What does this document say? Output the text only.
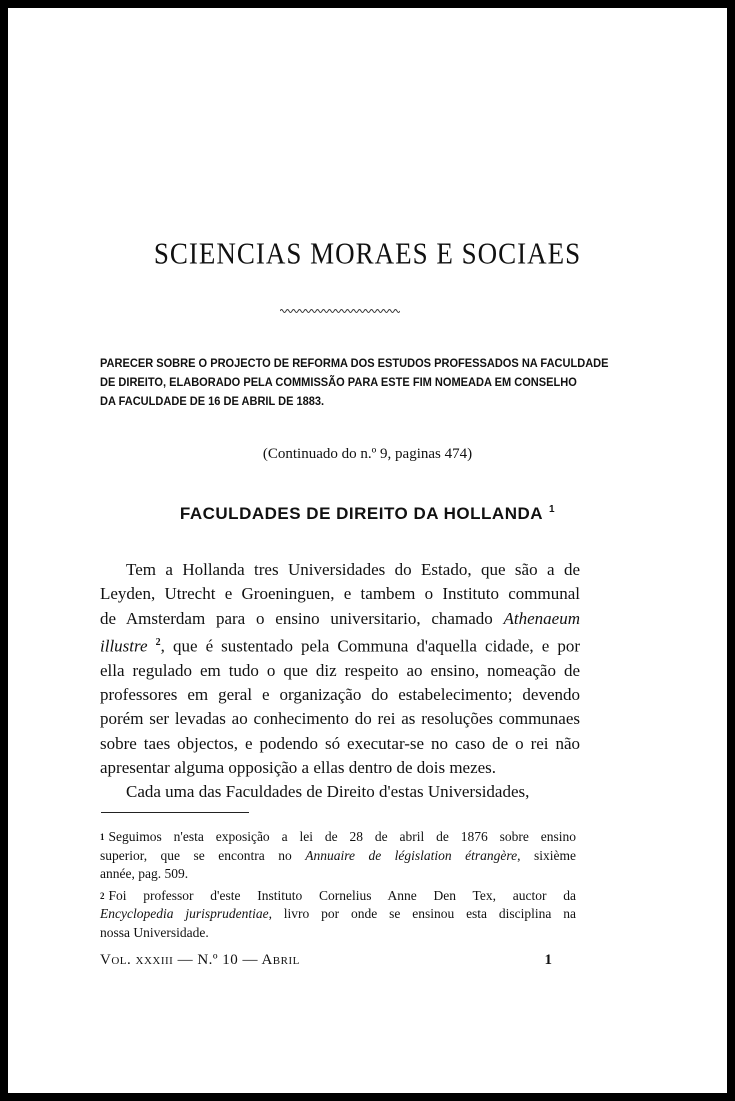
SCIENCIAS MORAES E SOCIAES
PARECER SOBRE O PROJECTO DE REFORMA DOS ESTUDOS PROFESSADOS NA FACULDADE
DE DIREITO, ELABORADO PELA COMMISSÃO PARA ESTE FIM NOMEADA EM CONSELHO
DA FACULDADE DE 16 DE ABRIL DE 1883.
(Continuado do n.º 9, paginas 474)
FACULDADES DE DIREITO DA HOLLANDA $^1$
Tem a Hollanda tres Universidades do Estado, que são a de
Leyden, Utrecht e Groeninguen, e tambem o Instituto communal
de Amsterdam para o ensino universitario, chamado Athenaeum
illustre $^2$, que é sustentado pela Communa d'aquella cidade, e por
ella regulado em tudo o que diz respeito ao ensino, nomeação de
professores em geral e organização do estabelecimento; devendo
porém ser levadas ao conhecimento do rei as resoluções communaes
sobre taes objectos, e podendo só executar-se no caso de o rei não
apresentar alguma opposição a ellas dentro de dois mezes.
Cada uma das Faculdades de Direito d'estas Universidades,
$^1$ Seguimos n'esta exposição a lei de 28 de abril de 1876 sobre ensino
superior, que se encontra no Annuaire de législation étrangère, sixième
année, pag. 509.
$^2$ Foi professor d'este Instituto Cornelius Anne Den Tex, auctor da
Encyclopedia jurisprudentiae, livro por onde se ensinou esta disciplina na
nossa Universidade.
Vol. xxxiii — N.º 10 — Abril	1
